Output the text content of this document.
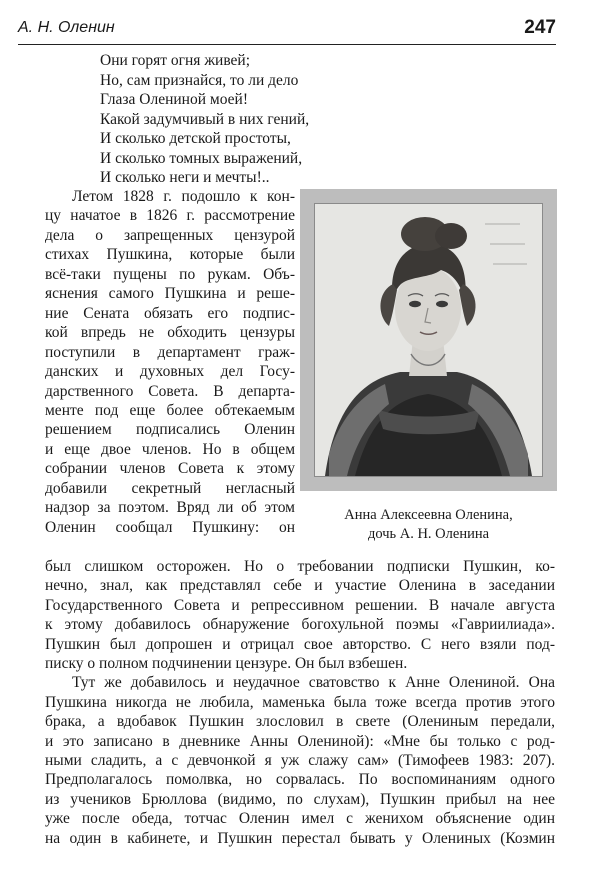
А. Н. Оленин	247
Они горят огня живей;
Но, сам признайся, то ли дело
Глаза Олениной моей!
Какой задумчивый в них гений,
И сколько детской простоты,
И сколько томных выражений,
И сколько неги и мечты!..
Летом 1828 г. подошло к кон-
цу начатое в 1826 г. рассмотрение
дела о запрещенных цензурой
стихах Пушкина, которые были
всё-таки пущены по рукам. Объ-
яснения самого Пушкина и реше-
ние Сената обязать его подпис-
кой впредь не обходить цензуры
поступили в департамент граж-
данских и духовных дел Госу-
дарственного Совета. В департа-
менте под еще более обтекаемым
решением подписались Оленин
и еще двое членов. Но в общем
собрании членов Совета к этому
добавили секретный негласный
надзор за поэтом. Вряд ли об этом
Оленин сообщал Пушкину: он
Анна Алексеевна Оленина,
дочь А. Н. Оленина
был слишком осторожен. Но о требовании подписки Пушкин, ко-
нечно, знал, как представлял себе и участие Оленина в заседании
Государственного Совета и репрессивном решении. В начале августа
к этому добавилось обнаружение богохульной поэмы «Гавриилиада».
Пушкин был допрошен и отрицал свое авторство. С него взяли под-
писку о полном подчинении цензуре. Он был взбешен.
Тут же добавилось и неудачное сватовство к Анне Олениной. Она
Пушкина никогда не любила, маменька была тоже всегда против этого
брака, а вдобавок Пушкин злословил в свете (Олениным передали,
и это записано в дневнике Анны Олениной): «Мне бы только с род-
ными сладить, а с девчонкой я уж слажу сам» (Тимофеев 1983: 207).
Предполагалось помолвка, но сорвалась. По воспоминаниям одного
из учеников Брюллова (видимо, по слухам), Пушкин прибыл на нее
уже после обеда, тотчас Оленин имел с женихом объяснение один
на один в кабинете, и Пушкин перестал бывать у Олениных (Козмин
